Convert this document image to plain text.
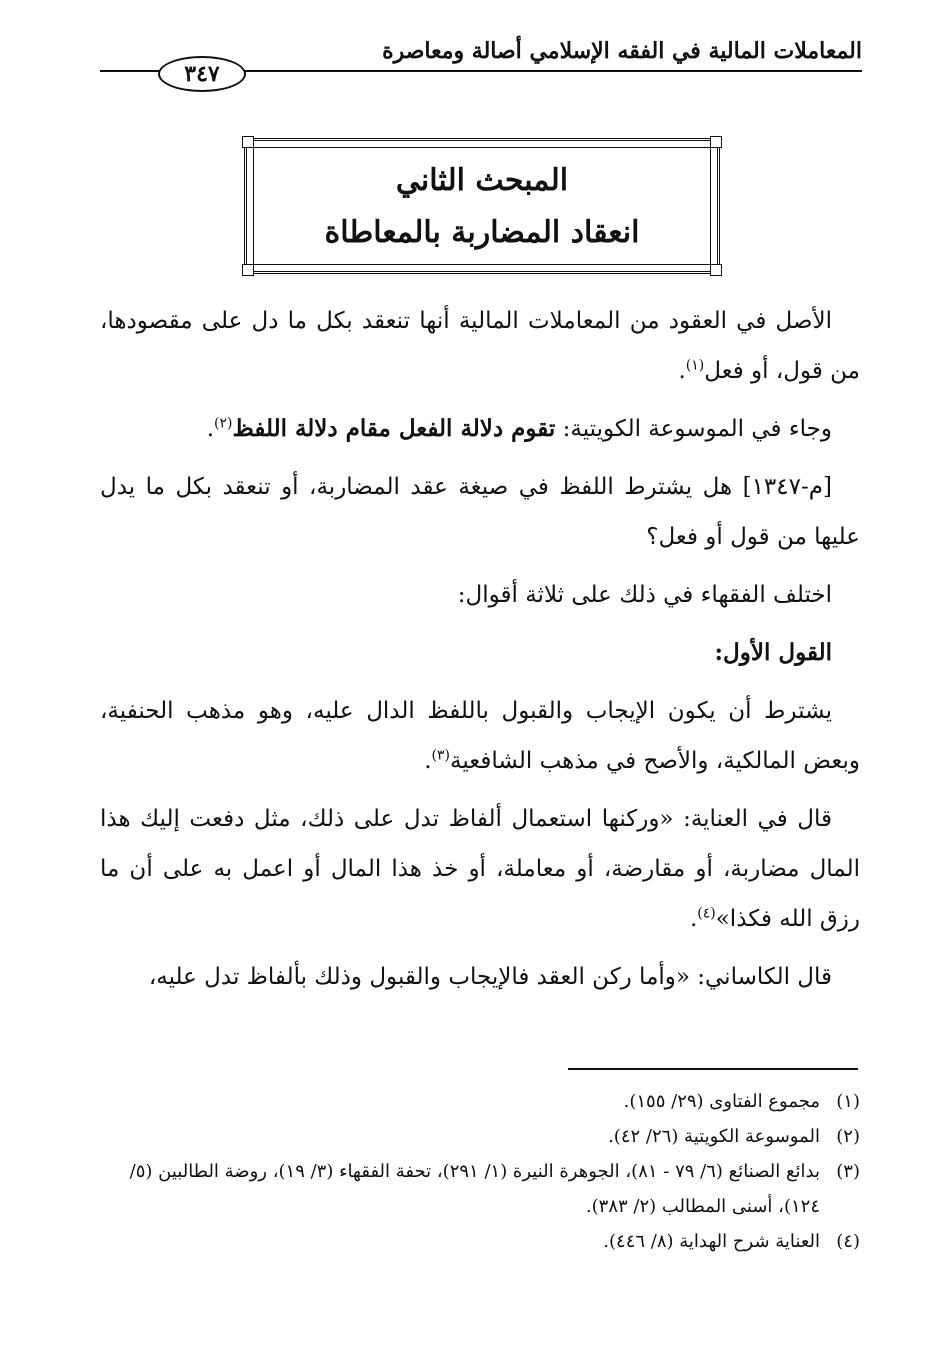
المعاملات المالية في الفقه الإسلامي أصالة ومعاصرة
٣٤٧
المبحث الثاني
انعقاد المضاربة بالمعاطاة

الأصل في العقود من المعاملات المالية أنها تنعقد بكل ما دل على مقصودها، من قول، أو فعل$^{(١)}$.

وجاء في الموسوعة الكويتية: تقوم دلالة الفعل مقام دلالة اللفظ$^{(٢)}$.

[م-١٣٤٧] هل يشترط اللفظ في صيغة عقد المضاربة، أو تنعقد بكل ما يدل عليها من قول أو فعل؟

اختلف الفقهاء في ذلك على ثلاثة أقوال:

القول الأول:

يشترط أن يكون الإيجاب والقبول باللفظ الدال عليه، وهو مذهب الحنفية، وبعض المالكية، والأصح في مذهب الشافعية$^{(٣)}$.

قال في العناية: «وركنها استعمال ألفاظ تدل على ذلك، مثل دفعت إليك هذا المال مضاربة، أو مقارضة، أو معاملة، أو خذ هذا المال أو اعمل به على أن ما رزق الله فكذا»$^{(٤)}$.

قال الكاساني: «وأما ركن العقد فالإيجاب والقبول وذلك بألفاظ تدل عليه،

(١)
مجموع الفتاوى (٢٩/ ١٥٥).

(٢)
الموسوعة الكويتية (٢٦/ ٤٢).

(٣)
بدائع الصنائع (٦/ ٧٩ - ٨١)، الجوهرة النيرة (١/ ٢٩١)، تحفة الفقهاء (٣/ ١٩)، روضة الطالبين (٥/ ١٢٤)، أسنى المطالب (٢/ ٣٨٣).

(٤)
العناية شرح الهداية (٨/ ٤٤٦).
